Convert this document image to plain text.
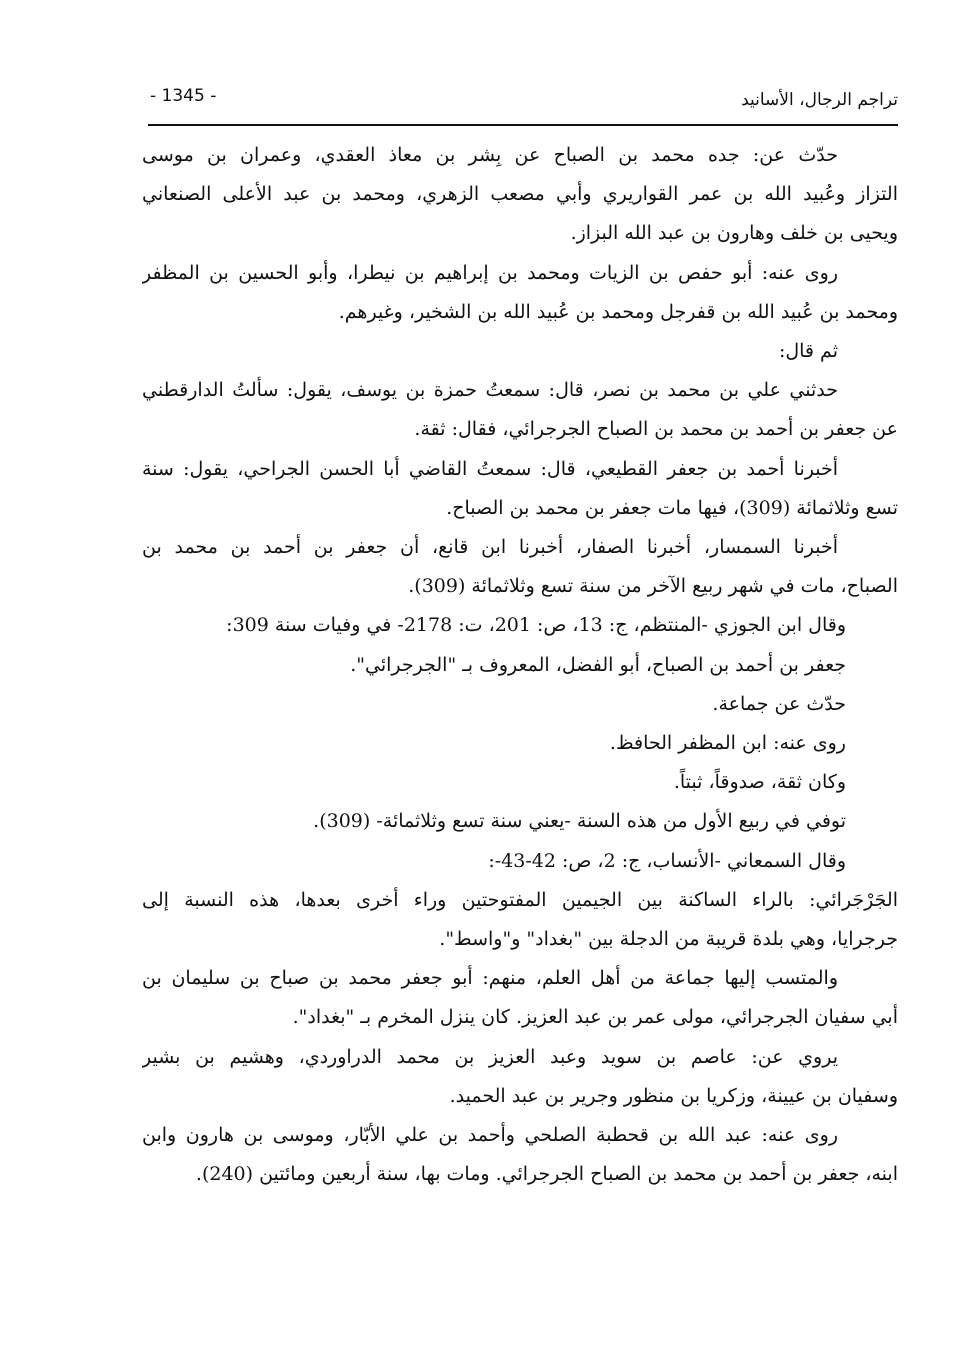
- 1345 -	تراجم الرجال، الأسانيد
حدّث عن: جده محمد بن الصباح عن بِشر بن معاذ العقدي، وعمران بن موسى
التزاز وعُبيد الله بن عمر القواريري وأبي مصعب الزهري، ومحمد بن عبد الأعلى الصنعاني
ويحيى بن خلف وهارون بن عبد الله البزاز.
روى عنه: أبو حفص بن الزيات ومحمد بن إبراهيم بن نيطرا، وأبو الحسين بن المظفر
ومحمد بن عُبيد الله بن قفرجل ومحمد بن عُبيد الله بن الشخير، وغيرهم.
ثم قال:
حدثني علي بن محمد بن نصر، قال: سمعتُ حمزة بن يوسف، يقول: سألتُ الدارقطني
عن جعفر بن أحمد بن محمد بن الصباح الجرجرائي، فقال: ثقة.
أخبرنا أحمد بن جعفر القطيعي، قال: سمعتُ القاضي أبا الحسن الجراحي، يقول: سنة
تسع وثلاثمائة (309)، فيها مات جعفر بن محمد بن الصباح.
أخبرنا السمسار، أخبرنا الصفار، أخبرنا ابن قانع، أن جعفر بن أحمد بن محمد بن
الصباح، مات في شهر ربيع الآخر من سنة تسع وثلاثمائة (309).
وقال ابن الجوزي -المنتظم، ج: 13، ص: 201، ت: 2178- في وفيات سنة 309:
جعفر بن أحمد بن الصباح، أبو الفضل، المعروف بـ "الجرجرائي".
حدّث عن جماعة.
روى عنه: ابن المظفر الحافظ.
وكان ثقة، صدوقاً، ثبتاً.
توفي في ربيع الأول من هذه السنة -يعني سنة تسع وثلاثمائة- (309).
وقال السمعاني -الأنساب، ج: 2، ص: 42-43-:
الجَرْجَرائي: بالراء الساكنة بين الجيمين المفتوحتين وراء أخرى بعدها، هذه النسبة إلى
جرجرايا، وهي بلدة قريبة من الدجلة بين "بغداد" و"واسط".
والمتسب إليها جماعة من أهل العلم، منهم: أبو جعفر محمد بن صباح بن سليمان بن
أبي سفيان الجرجرائي، مولى عمر بن عبد العزيز. كان ينزل المخرم بـ "بغداد".
يروي عن: عاصم بن سويد وعبد العزيز بن محمد الدراوردي، وهشيم بن بشير
وسفيان بن عيينة، وزكريا بن منظور وجرير بن عبد الحميد.
روى عنه: عبد الله بن قحطبة الصلحي وأحمد بن علي الأبّار، وموسى بن هارون وابن
ابنه، جعفر بن أحمد بن محمد بن الصباح الجرجرائي. ومات بها، سنة أربعين ومائتين (240).
